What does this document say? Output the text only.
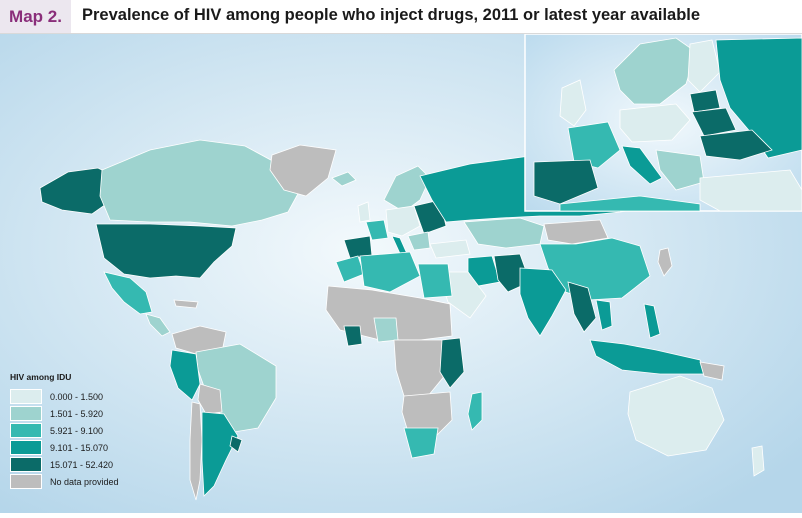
Map 2.	Prevalence of HIV among people who inject drugs, 2011 or latest year available
HIV among IDU
0.000 - 1.500
1.501 - 5.920
5.921 - 9.100
9.101 - 15.070
15.071 - 52.420
No data provided
